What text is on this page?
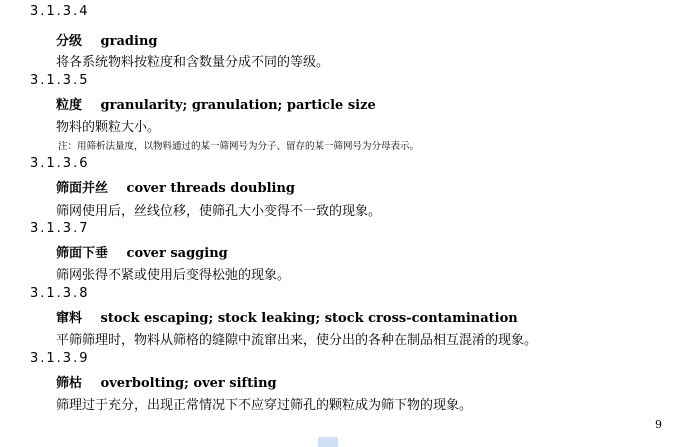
3.1.3.4
分级 grading
将各系统物料按粒度和含数量分成不同的等级。
3.1.3.5
粒度 granularity; granulation; particle size
物料的颗粒大小。
注：用筛析法量度，以物料通过的某一筛网号为分子、留存的某一筛网号为分母表示。
3.1.3.6
筛面并丝 cover threads doubling
筛网使用后，丝线位移，使筛孔大小变得不一致的现象。
3.1.3.7
筛面下垂 cover sagging
筛网张得不紧或使用后变得松弛的现象。
3.1.3.8
窜料 stock escaping; stock leaking; stock cross-contamination
平筛筛理时，物料从筛格的缝隙中流窜出来，使分出的各种在制品相互混淆的现象。
3.1.3.9
筛枯 overbolting; over sifting
筛理过于充分，出现正常情况下不应穿过筛孔的颗粒成为筛下物的现象。
9
